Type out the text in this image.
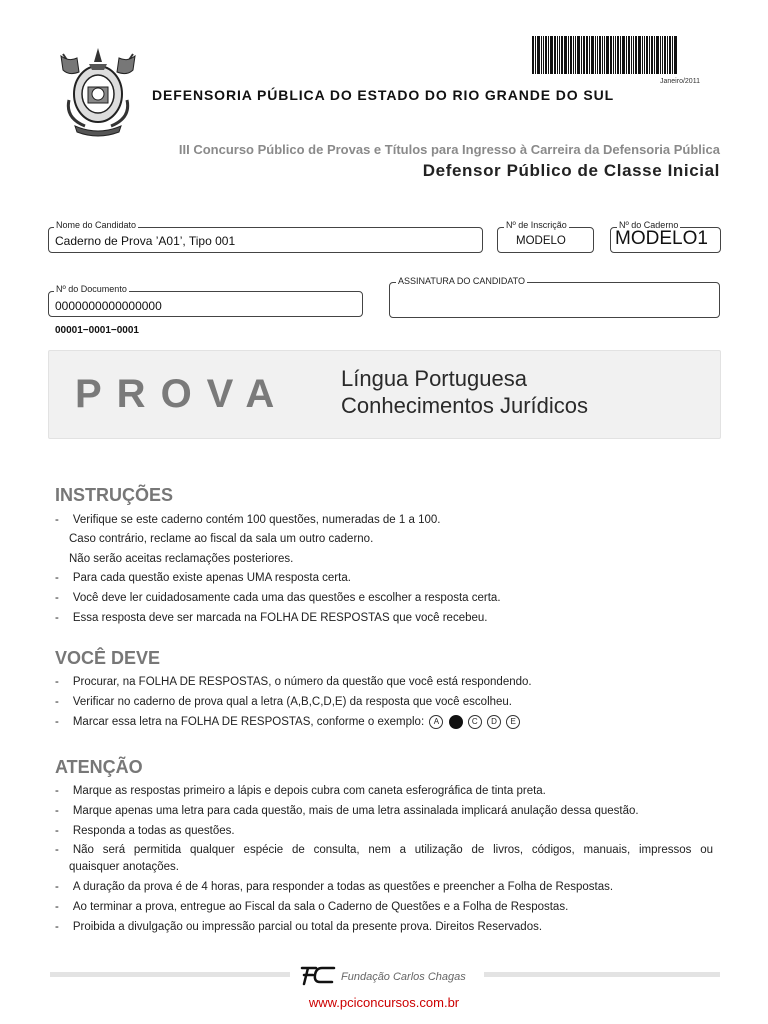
Janeiro/2011
DEFENSORIA PÚBLICA DO ESTADO DO RIO GRANDE DO SUL
III Concurso Público de Provas e Títulos para Ingresso à Carreira da Defensoria Pública
Defensor Público de Classe Inicial
Nome do Candidato
Caderno de Prova ’A01’, Tipo 001
Nº de Inscrição
MODELO
Nº do Caderno
MODELO1
Nº do Documento
0000000000000000
ASSINATURA DO CANDIDATO
00001−0001−0001
PROVA Língua Portuguesa
Conhecimentos Jurídicos
INSTRUÇÕES
- Verifique se este caderno contém 100 questões, numeradas de 1 a 100.
Caso contrário, reclame ao fiscal da sala um outro caderno.
Não serão aceitas reclamações posteriores.
- Para cada questão existe apenas UMA resposta certa.
- Você deve ler cuidadosamente cada uma das questões e escolher a resposta certa.
- Essa resposta deve ser marcada na FOLHA DE RESPOSTAS que você recebeu.
VOCÊ DEVE
- Procurar, na FOLHA DE RESPOSTAS, o número da questão que você está respondendo.
- Verificar no caderno de prova qual a letra (A,B,C,D,E) da resposta que você escolheu.
- Marcar essa letra na FOLHA DE RESPOSTAS, conforme o exemplo: A	C D E
ATENÇÃO
- Marque as respostas primeiro a lápis e depois cubra com caneta esferográfica de tinta preta.
- Marque apenas uma letra para cada questão, mais de uma letra assinalada implicará anulação dessa questão.
- Responda a todas as questões.
- Não será permitida qualquer espécie de consulta, nem a utilização de livros, códigos, manuais, impressos ou
quaisquer anotações.
- A duração da prova é de 4 horas, para responder a todas as questões e preencher a Folha de Respostas.
- Ao terminar a prova, entregue ao Fiscal da sala o Caderno de Questões e a Folha de Respostas.
- Proibida a divulgação ou impressão parcial ou total da presente prova. Direitos Reservados.
Fundação Carlos Chagas
www.pciconcursos.com.br
